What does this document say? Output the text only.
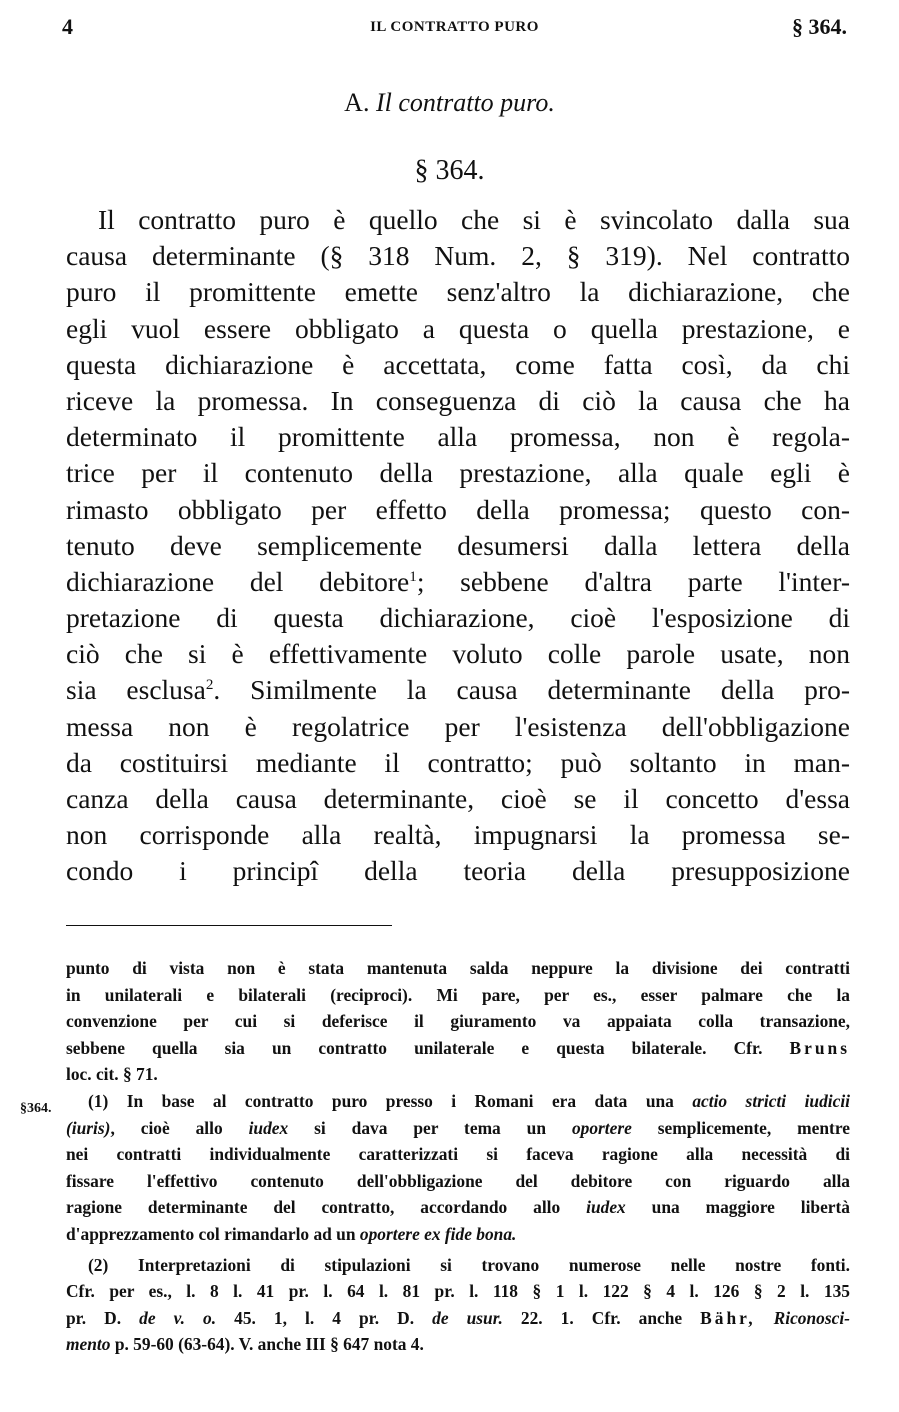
4	IL CONTRATTO PURO	§ 364.
A. Il contratto puro.
§ 364.
Il contratto puro è quello che si è svincolato dalla sua
causa determinante (§ 318 Num. 2, § 319). Nel contratto
puro il promittente emette senz'altro la dichiarazione, che
egli vuol essere obbligato a questa o quella prestazione, e
questa dichiarazione è accettata, come fatta così, da chi
riceve la promessa. In conseguenza di ciò la causa che ha
determinato il promittente alla promessa, non è regola-
trice per il contenuto della prestazione, alla quale egli è
rimasto obbligato per effetto della promessa; questo con-
tenuto deve semplicemente desumersi dalla lettera della
dichiarazione del debitore$^1$; sebbene d'altra parte l'inter-
pretazione di questa dichiarazione, cioè l'esposizione di
ciò che si è effettivamente voluto colle parole usate, non
sia esclusa$^2$. Similmente la causa determinante della pro-
messa non è regolatrice per l'esistenza dell'obbligazione
da costituirsi mediante il contratto; può soltanto in man-
canza della causa determinante, cioè se il concetto d'essa
non corrisponde alla realtà, impugnarsi la promessa se-
condo i principî della teoria della presupposizione
punto di vista non è stata mantenuta salda neppure la divisione dei contratti
in unilaterali e bilaterali (reciproci). Mi pare, per es., esser palmare che la
convenzione per cui si deferisce il giuramento va appaiata colla transazione,
sebbene quella sia un contratto unilaterale e questa bilaterale. Cfr. Bruns
loc. cit. § 71.
(1) In base al contratto puro presso i Romani era data una actio stricti iudicii
(iuris), cioè allo iudex si dava per tema un oportere semplicemente, mentre
nei contratti individualmente caratterizzati si faceva ragione alla necessità di
fissare l'effettivo contenuto dell'obbligazione del debitore con riguardo alla
ragione determinante del contratto, accordando allo iudex una maggiore libertà
d'apprezzamento col rimandarlo ad un oportere ex fide bona.
(2) Interpretazioni di stipulazioni si trovano numerose nelle nostre fonti.
Cfr. per es., l. 8 l. 41 pr. l. 64 l. 81 pr. l. 118 § 1 l. 122 § 4 l. 126 § 2 l. 135
pr. D. de v. o. 45. 1, l. 4 pr. D. de usur. 22. 1. Cfr. anche Bähr, Riconosci-
mento p. 59-60 (63-64). V. anche III § 647 nota 4.
§364.
